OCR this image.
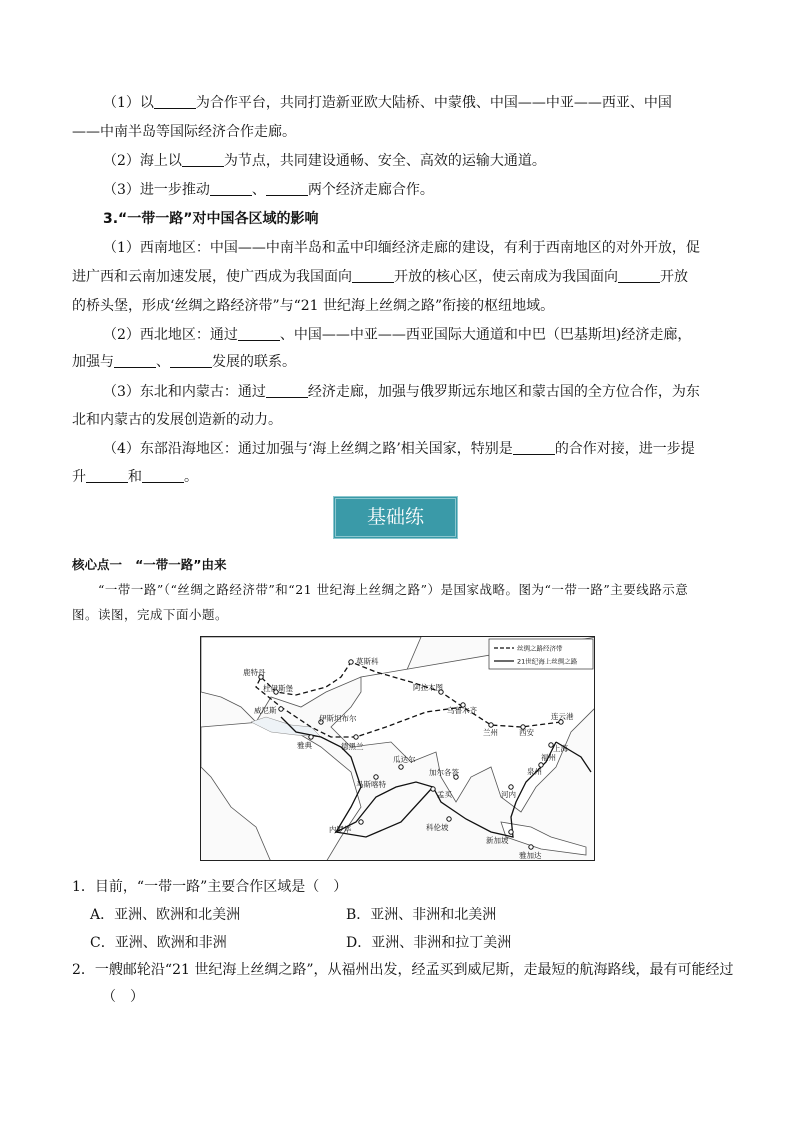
（1）以	为合作平台，共同打造新亚欧大陆桥、中蒙俄、中国——中亚——西亚、中国
——中南半岛等国际经济合作走廊。
（2）海上以	为节点，共同建设通畅、安全、高效的运输大通道。
（3）进一步推动	、	两个经济走廊合作。
3.“一带一路”对中国各区域的影响
（1）西南地区：中国——中南半岛和孟中印缅经济走廊的建设，有利于西南地区的对外开放，促
进广西和云南加速发展，使广西成为我国面向	开放的核心区，使云南成为我国面向	开放
的桥头堡，形成‘丝绸之路经济带”与“21 世纪海上丝绸之路”衔接的枢纽地域。
（2）西北地区：通过	、中国——中亚——西亚国际大通道和中巴（巴基斯坦)经济走廊，
加强与	、	发展的联系。
（3）东北和内蒙古：通过	经济走廊，加强与俄罗斯远东地区和蒙古国的全方位合作，为东
北和内蒙古的发展创造新的动力。
（4）东部沿海地区：通过加强与‘海上丝绸之路’相关国家，特别是	的合作对接，进一步提
升	和	。
基础练
核心点一 “一带一路”由来
“一带一路”（“丝绸之路经济带”和“21 世纪海上丝绸之路”）是国家战略。图为“一带一路”主要线路示意
图。读图，完成下面小题。
丝绸之路经济带
21世纪海上丝绸之路
莫斯科
鹿特丹
杜伊斯堡
威尼斯
伊斯坦布尔
雅典
阿拉木图
乌鲁木齐
兰州	西安
连云港
上海
福州
德黑兰
瓜达尔
马斯喀特
加尔各答
孟买	河内
科伦坡
内罗毕
新加坡
雅加达
泉州
1．目前，“一带一路”主要合作区域是（　）
A．亚洲、欧洲和北美洲	B．亚洲、非洲和北美洲
C．亚洲、欧洲和非洲	D．亚洲、非洲和拉丁美洲
2．一艘邮轮沿“21 世纪海上丝绸之路”，从福州出发，经孟买到威尼斯，走最短的航海路线，最有可能经过
（　）
